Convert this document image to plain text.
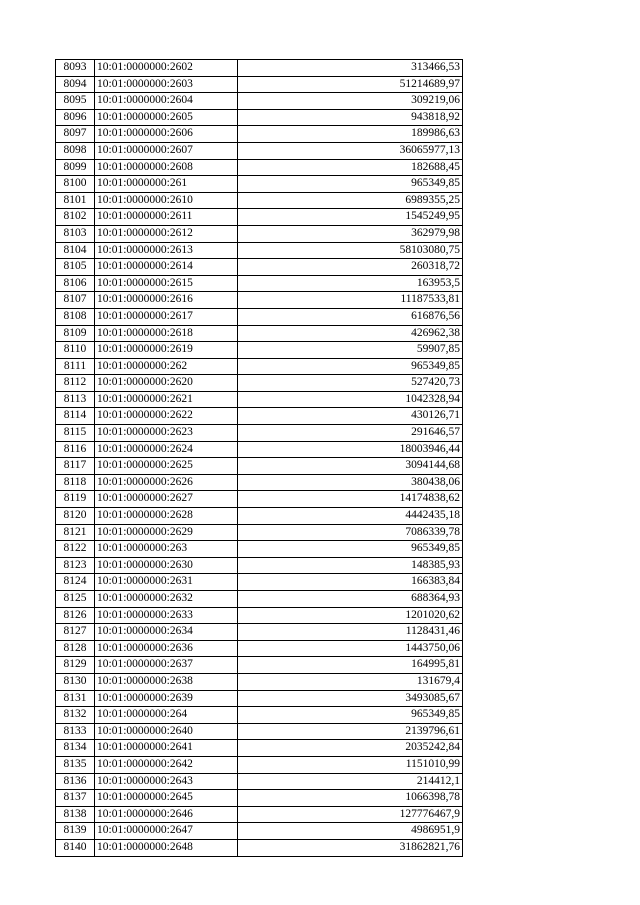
8093	10:01:0000000:2602	313466,53
8094	10:01:0000000:2603	51214689,97
8095	10:01:0000000:2604	309219,06
8096	10:01:0000000:2605	943818,92
8097	10:01:0000000:2606	189986,63
8098	10:01:0000000:2607	36065977,13
8099	10:01:0000000:2608	182688,45
8100	10:01:0000000:261	965349,85
8101	10:01:0000000:2610	6989355,25
8102	10:01:0000000:2611	1545249,95
8103	10:01:0000000:2612	362979,98
8104	10:01:0000000:2613	58103080,75
8105	10:01:0000000:2614	260318,72
8106	10:01:0000000:2615	163953,5
8107	10:01:0000000:2616	11187533,81
8108	10:01:0000000:2617	616876,56
8109	10:01:0000000:2618	426962,38
8110	10:01:0000000:2619	59907,85
8111	10:01:0000000:262	965349,85
8112	10:01:0000000:2620	527420,73
8113	10:01:0000000:2621	1042328,94
8114	10:01:0000000:2622	430126,71
8115	10:01:0000000:2623	291646,57
8116	10:01:0000000:2624	18003946,44
8117	10:01:0000000:2625	3094144,68
8118	10:01:0000000:2626	380438,06
8119	10:01:0000000:2627	14174838,62
8120	10:01:0000000:2628	4442435,18
8121	10:01:0000000:2629	7086339,78
8122	10:01:0000000:263	965349,85
8123	10:01:0000000:2630	148385,93
8124	10:01:0000000:2631	166383,84
8125	10:01:0000000:2632	688364,93
8126	10:01:0000000:2633	1201020,62
8127	10:01:0000000:2634	1128431,46
8128	10:01:0000000:2636	1443750,06
8129	10:01:0000000:2637	164995,81
8130	10:01:0000000:2638	131679,4
8131	10:01:0000000:2639	3493085,67
8132	10:01:0000000:264	965349,85
8133	10:01:0000000:2640	2139796,61
8134	10:01:0000000:2641	2035242,84
8135	10:01:0000000:2642	1151010,99
8136	10:01:0000000:2643	214412,1
8137	10:01:0000000:2645	1066398,78
8138	10:01:0000000:2646	127776467,9
8139	10:01:0000000:2647	4986951,9
8140	10:01:0000000:2648	31862821,76
